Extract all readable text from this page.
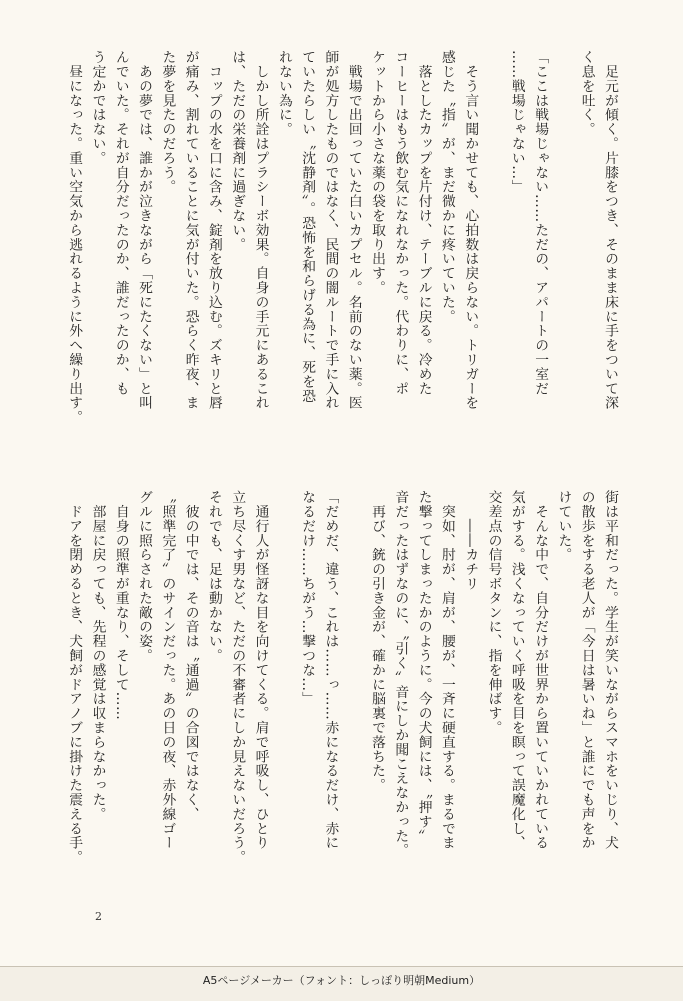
　足元が傾く。片膝をつき、そのまま床に手をついて深

く息を吐く。

「ここは戦場じゃない……ただの、アパートの一室だ

……戦場じゃない…」

　そう言い聞かせても、心拍数は戻らない。トリガーを

感じた〝指〟が、まだ微かに疼いていた。

　落としたカップを片付け、テーブルに戻る。冷めた

コーヒーはもう飲む気になれなかった。代わりに、ポ

ケットから小さな薬の袋を取り出す。

　戦場で出回っていた白いカプセル。名前のない薬。医

師が処方したものではなく、民間の闇ルートで手に入れ

ていたらしい〝沈静剤〟。恐怖を和らげる為に、死を恐

れない為に。

　しかし所詮はプラシーボ効果。自身の手元にあるこれ

は、ただの栄養剤に過ぎない。

　コップの水を口に含み、錠剤を放り込む。ズキリと唇

が痛み、割れていることに気が付いた。恐らく昨夜、ま

た夢を見たのだろう。

　あの夢では、誰かが泣きながら「死にたくない」と叫

んでいた。それが自分だったのか、誰だったのか、も

う定かではない。

　昼になった。重い空気から逃れるように外へ繰り出す。

街は平和だった。学生が笑いながらスマホをいじり、犬

の散歩をする老人が「今日は暑いね」と誰にでも声をか

けていた。

　そんな中で、自分だけが世界から置いていかれている

気がする。浅くなっていく呼吸を目を瞑って誤魔化し、

交差点の信号ボタンに、指を伸ばす。

　　――カチリ

　突如、肘が、肩が、腰が、一斉に硬直する。まるでま

た撃ってしまったかのように。今の犬飼には、〝押す〟

音だったはずなのに、〝引く〟音にしか聞こえなかった。

　再び、銃の引き金が、確かに脳裏で落ちた。

「だめだ、違う、これは……っ……赤になるだけ、赤に

なるだけ……ちがう…撃つな…」

　通行人が怪訝な目を向けてくる。肩で呼吸し、ひとり

立ち尽くす男など、ただの不審者にしか見えないだろう。

それでも、足は動かない。

　彼の中では、その音は〝通過〟の合図ではなく、

〝照準完了〟のサインだった。あの日の夜、赤外線ゴー

グルに照らされた敵の姿。

　自身の照準が重なり、そして……

　部屋に戻っても、先程の感覚は収まらなかった。

　ドアを閉めるとき、犬飼がドアノブに掛けた震える手。

2
A5ページメーカー（フォント：しっぽり明朝Medium）
